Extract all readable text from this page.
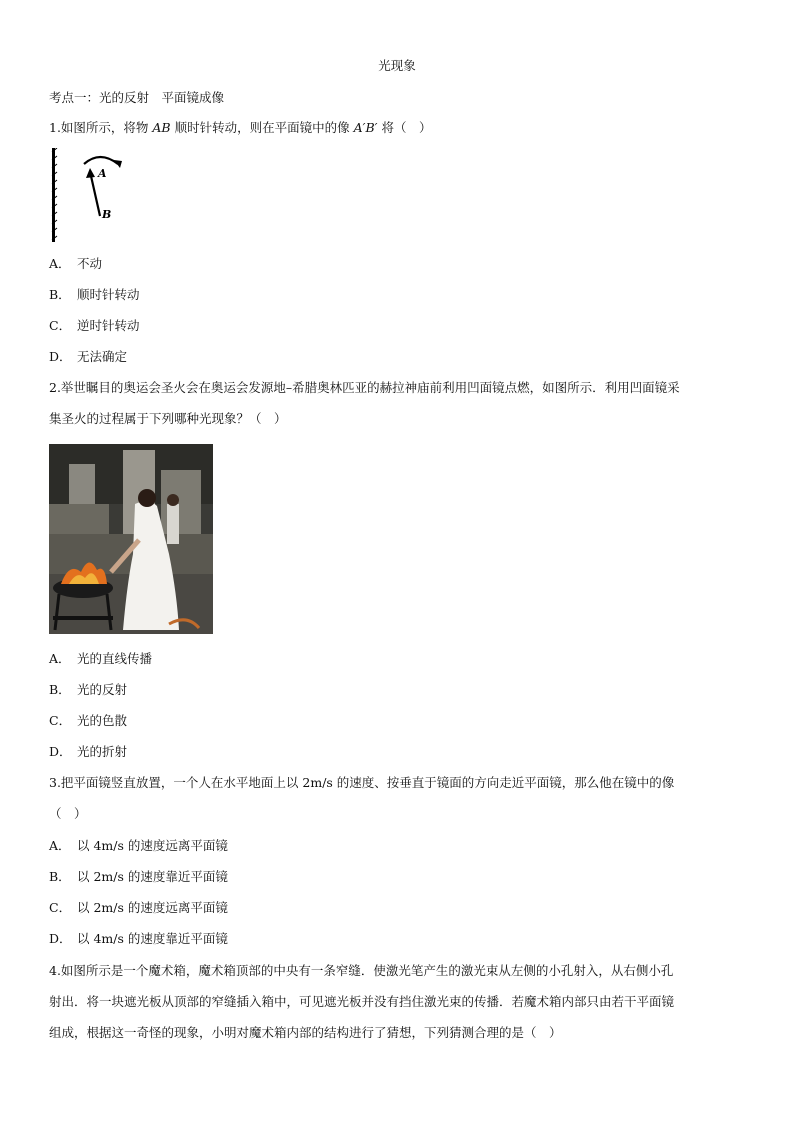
光现象
考点一：光的反射　平面镜成像
1.如图所示，将物 AB 顺时针转动，则在平面镜中的像 A′B′ 将（　）
A
B
A． 不动
B． 顺时针转动
C． 逆时针转动
D． 无法确定
2.举世瞩目的奥运会圣火会在奥运会发源地–希腊奥林匹亚的赫拉神庙前利用凹面镜点燃，如图所示．利用凹面镜采
集圣火的过程属于下列哪种光现象？（　）
A． 光的直线传播
B． 光的反射
C． 光的色散
D． 光的折射
3.把平面镜竖直放置，一个人在水平地面上以 2m/s 的速度、按垂直于镜面的方向走近平面镜，那么他在镜中的像
（　）
A． 以 4m/s 的速度远离平面镜
B． 以 2m/s 的速度靠近平面镜
C． 以 2m/s 的速度远离平面镜
D． 以 4m/s 的速度靠近平面镜
4.如图所示是一个魔术箱，魔术箱顶部的中央有一条窄缝．使激光笔产生的激光束从左侧的小孔射入，从右侧小孔
射出．将一块遮光板从顶部的窄缝插入箱中，可见遮光板并没有挡住激光束的传播．若魔术箱内部只由若干平面镜
组成，根据这一奇怪的现象，小明对魔术箱内部的结构进行了猜想，下列猜测合理的是（　）
